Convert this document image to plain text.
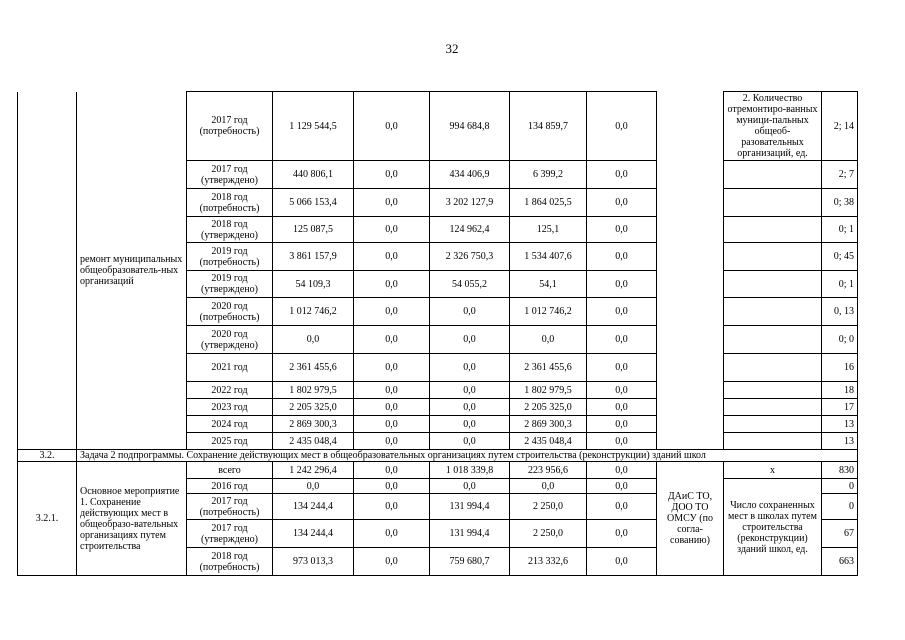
32
	ремонт муниципальных общеобразователь-ных организаций	2017 год (потребность)	1 129 544,5	0,0	994 684,8	134 859,7	0,0		2. Количество отремонтиро-ванных муници-пальных общеоб-разовательных организаций, ед.	2; 14
		2017 год (утверждено)	440 806,1	0,0	434 406,9	6 399,2	0,0			2; 7
		2018 год (потребность)	5 066 153,4	0,0	3 202 127,9	1 864 025,5	0,0			0; 38
		2018 год (утверждено)	125 087,5	0,0	124 962,4	125,1	0,0			0; 1
		2019 год (потребность)	3 861 157,9	0,0	2 326 750,3	1 534 407,6	0,0			0; 45
		2019 год (утверждено)	54 109,3	0,0	54 055,2	54,1	0,0			0; 1
		2020 год (потребность)	1 012 746,2	0,0	0,0	1 012 746,2	0,0			0, 13
		2020 год (утверждено)	0,0	0,0	0,0	0,0	0,0			0; 0
		2021 год	2 361 455,6	0,0	0,0	2 361 455,6	0,0			16
		2022 год	1 802 979,5	0,0	0,0	1 802 979,5	0,0			18
		2023 год	2 205 325,0	0,0	0,0	2 205 325,0	0,0			17
		2024 год	2 869 300,3	0,0	0,0	2 869 300,3	0,0			13
		2025 год	2 435 048,4	0,0	0,0	2 435 048,4	0,0			13
3.2.	Задача 2 подпрограммы. Сохранение действующих мест в общеобразовательных организациях путем строительства (реконструкции) зданий школ									
3.2.1.	Основное мероприятие 1. Сохранение действующих мест в общеобразо-вательных организациях путем строительства	всего	1 242 296,4	0,0	1 018 339,8	223 956,6	0,0	ДАиС ТО, ДОО ТО ОМСУ (по согла-сованию)	х	830
		2016 год	0,0	0,0	0,0	0,0	0,0		Число сохраненных мест в школах путем строительства (реконструкции) зданий школ, ед.	0
		2017 год (потребность)	134 244,4	0,0	131 994,4	2 250,0	0,0			0
		2017 год (утверждено)	134 244,4	0,0	131 994,4	2 250,0	0,0			67
		2018 год (потребность)	973 013,3	0,0	759 680,7	213 332,6	0,0			663
